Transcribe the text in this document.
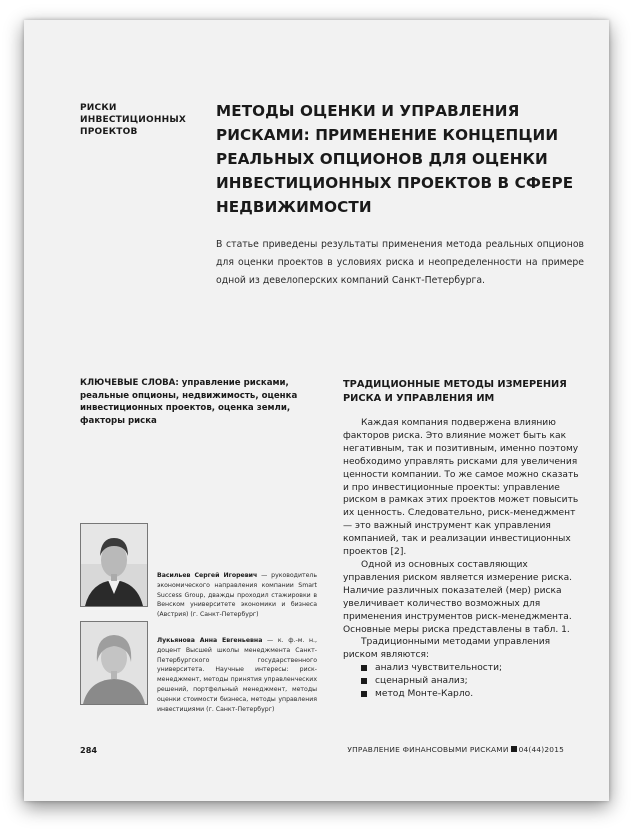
РИСКИ ИНВЕСТИЦИОННЫХ ПРОЕКТОВ
МЕТОДЫ ОЦЕНКИ И УПРАВЛЕНИЯ РИСКАМИ: ПРИМЕНЕНИЕ КОНЦЕПЦИИ РЕАЛЬНЫХ ОПЦИОНОВ ДЛЯ ОЦЕНКИ ИНВЕСТИЦИОННЫХ ПРОЕКТОВ В СФЕРЕ НЕДВИЖИМОСТИ

В статье приведены результаты применения метода реальных опционов для оценки проектов в условиях риска и неопределенности на примере одной из девелоперских компаний Санкт-Петербурга.

КЛЮЧЕВЫЕ СЛОВА: управление рисками, реальные опционы, недвижимость, оценка инвестиционных проектов, оценка земли, факторы риска

Васильев Сергей Игоревич — руководитель экономического направления компании Smart Success Group, дважды проходил стажировки в Венском университете экономики и бизнеса (Австрия) (г. Санкт-Петербург)

Лукьянова Анна Евгеньевна — к. ф.-м. н., доцент Высшей школы менеджмента Санкт-Петербургского государственного университета. Научные интересы: риск-менеджмент, методы принятия управленческих решений, портфельный менеджмент, методы оценки стоимости бизнеса, методы управления инвестициями (г. Санкт-Петербург)

ТРАДИЦИОННЫЕ МЕТОДЫ ИЗМЕРЕНИЯ РИСКА И УПРАВЛЕНИЯ ИМ

Каждая компания подвержена влиянию факторов риска. Это влияние может быть как негативным, так и позитивным, именно поэтому необходимо управлять рисками для увеличения ценности компании. То же самое можно сказать и про инвестиционные проекты: управление риском в рамках этих проектов может повысить их ценность. Следовательно, риск-менеджмент — это важный инструмент как управления компанией, так и реализации инвестиционных проектов [2].

Одной из основных составляющих управления риском является измерение риска. Наличие различных показателей (мер) риска увеличивает количество возможных для применения инструментов риск-менеджмента. Основные меры риска представлены в табл. 1.

Традиционными методами управления риском являются:

анализ чувствительности;
сценарный анализ;
метод Монте-Карло.
284	УПРАВЛЕНИЕ ФИНАНСОВЫМИ РИСКАМИ 04(44)2015
